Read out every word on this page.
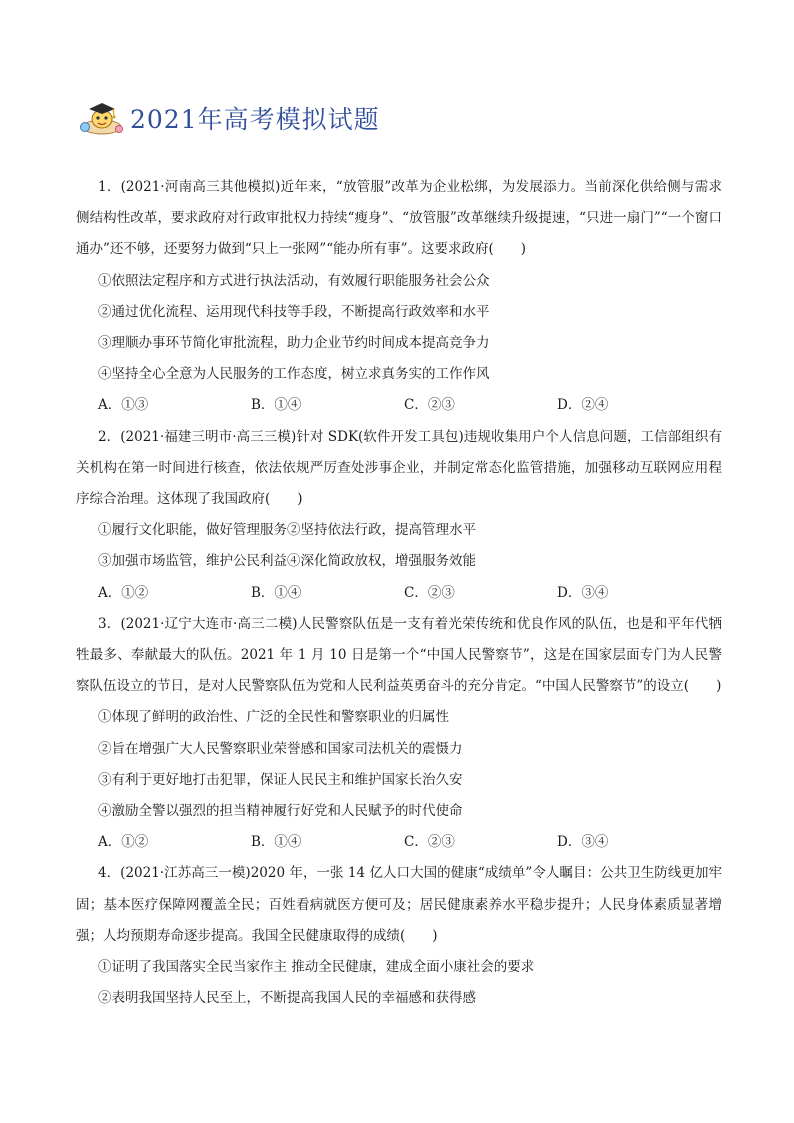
2021年高考模拟试题

1．(2021·河南高三其他模拟)近年来，“放管服”改革为企业松绑，为发展添力。当前深化供给侧与需求侧结构性改革，要求政府对行政审批权力持续“瘦身”、“放管服”改革继续升级提速，“只进一扇门”“一个窗口通办”还不够，还要努力做到“只上一张网”“能办所有事”。这要求政府(　　)

①依照法定程序和方式进行执法活动，有效履行职能服务社会公众

②通过优化流程、运用现代科技等手段，不断提高行政效率和水平

③理顺办事环节简化审批流程，助力企业节约时间成本提高竞争力

④坚持全心全意为人民服务的工作态度，树立求真务实的工作作风

A．①③	B．①④	C．②③	D．②④

2．(2021·福建三明市·高三三模)针对 SDK(软件开发工具包)违规收集用户个人信息问题，工信部组织有关机构在第一时间进行核查，依法依规严厉查处涉事企业，并制定常态化监管措施，加强移动互联网应用程序综合治理。这体现了我国政府(　　)

①履行文化职能，做好管理服务②坚持依法行政，提高管理水平

③加强市场监管，维护公民利益④深化简政放权，增强服务效能

A．①②	B．①④	C．②③	D．③④

3．(2021·辽宁大连市·高三二模)人民警察队伍是一支有着光荣传统和优良作风的队伍，也是和平年代牺牲最多、奉献最大的队伍。2021 年 1 月 10 日是第一个“中国人民警察节”，这是在国家层面专门为人民警察队伍设立的节日，是对人民警察队伍为党和人民利益英勇奋斗的充分肯定。“中国人民警察节”的设立(　　)

①体现了鲜明的政治性、广泛的全民性和警察职业的归属性

②旨在增强广大人民警察职业荣誉感和国家司法机关的震慑力

③有利于更好地打击犯罪，保证人民民主和维护国家长治久安

④激励全警以强烈的担当精神履行好党和人民赋予的时代使命

A．①②	B．①④	C．②③	D．③④

4．(2021·江苏高三一模)2020 年，一张 14 亿人口大国的健康“成绩单”令人瞩目：公共卫生防线更加牢固；基本医疗保障网覆盖全民；百姓看病就医方便可及；居民健康素养水平稳步提升；人民身体素质显著增强；人均预期寿命逐步提高。我国全民健康取得的成绩(　　)

①证明了我国落实全民当家作主 推动全民健康，建成全面小康社会的要求

②表明我国坚持人民至上，不断提高我国人民的幸福感和获得感
